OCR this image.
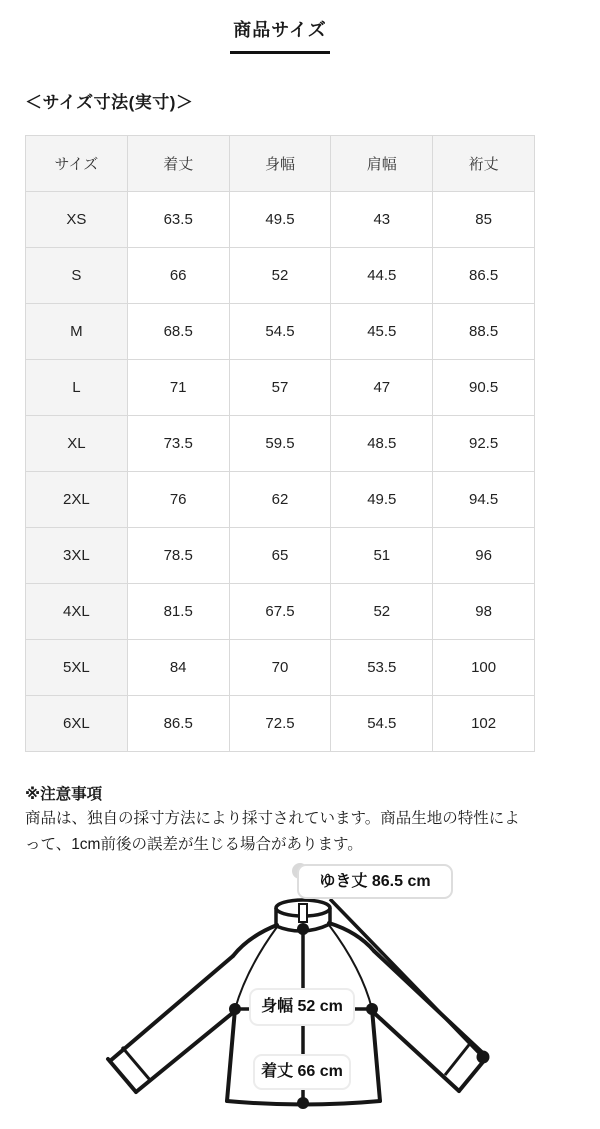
商品サイズ
＜サイズ寸法(実寸)＞
サイズ	着丈	身幅	肩幅	裄丈
XS	63.5	49.5	43	85
S	66	52	44.5	86.5
M	68.5	54.5	45.5	88.5
L	71	57	47	90.5
XL	73.5	59.5	48.5	92.5
2XL	76	62	49.5	94.5
3XL	78.5	65	51	96
4XL	81.5	67.5	52	98
5XL	84	70	53.5	100
6XL	86.5	72.5	54.5	102

※注意事項

商品は、独自の採寸方法により採寸されています。商品生地の特性によって、1cm前後の誤差が生じる場合があります。

ゆき丈 86.5 cm
身幅 52 cm
着丈 66 cm
